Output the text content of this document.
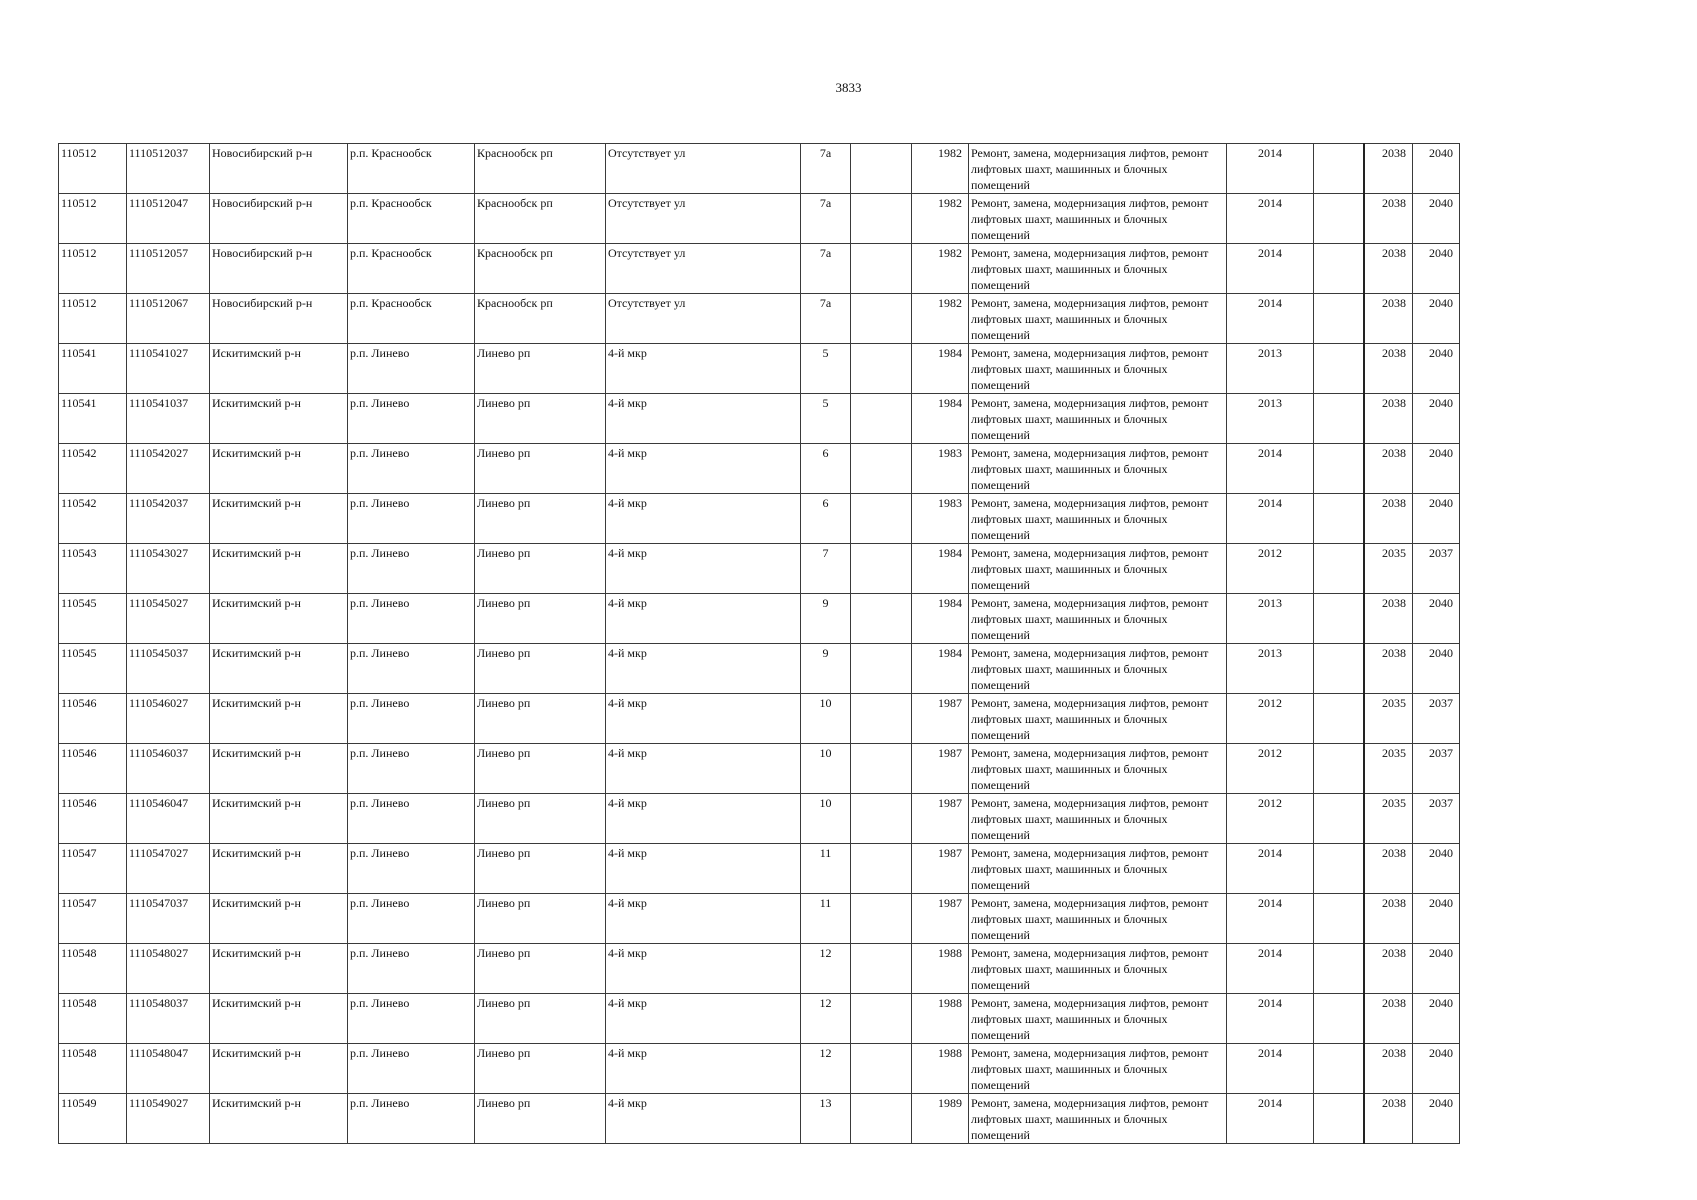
3833
110512	1110512037	Новосибирский р-н	р.п. Краснообск	Краснообск рп	Отсутствует ул	7а		1982	Ремонт, замена, модернизация лифтов, ремонт лифтовых шахт, машинных и блочных помещений	2014		2038	2040
110512	1110512047	Новосибирский р-н	р.п. Краснообск	Краснообск рп	Отсутствует ул	7а		1982	Ремонт, замена, модернизация лифтов, ремонт лифтовых шахт, машинных и блочных помещений	2014		2038	2040
110512	1110512057	Новосибирский р-н	р.п. Краснообск	Краснообск рп	Отсутствует ул	7а		1982	Ремонт, замена, модернизация лифтов, ремонт лифтовых шахт, машинных и блочных помещений	2014		2038	2040
110512	1110512067	Новосибирский р-н	р.п. Краснообск	Краснообск рп	Отсутствует ул	7а		1982	Ремонт, замена, модернизация лифтов, ремонт лифтовых шахт, машинных и блочных помещений	2014		2038	2040
110541	1110541027	Искитимский р-н	р.п. Линево	Линево рп	4-й мкр	5		1984	Ремонт, замена, модернизация лифтов, ремонт лифтовых шахт, машинных и блочных помещений	2013		2038	2040
110541	1110541037	Искитимский р-н	р.п. Линево	Линево рп	4-й мкр	5		1984	Ремонт, замена, модернизация лифтов, ремонт лифтовых шахт, машинных и блочных помещений	2013		2038	2040
110542	1110542027	Искитимский р-н	р.п. Линево	Линево рп	4-й мкр	6		1983	Ремонт, замена, модернизация лифтов, ремонт лифтовых шахт, машинных и блочных помещений	2014		2038	2040
110542	1110542037	Искитимский р-н	р.п. Линево	Линево рп	4-й мкр	6		1983	Ремонт, замена, модернизация лифтов, ремонт лифтовых шахт, машинных и блочных помещений	2014		2038	2040
110543	1110543027	Искитимский р-н	р.п. Линево	Линево рп	4-й мкр	7		1984	Ремонт, замена, модернизация лифтов, ремонт лифтовых шахт, машинных и блочных помещений	2012		2035	2037
110545	1110545027	Искитимский р-н	р.п. Линево	Линево рп	4-й мкр	9		1984	Ремонт, замена, модернизация лифтов, ремонт лифтовых шахт, машинных и блочных помещений	2013		2038	2040
110545	1110545037	Искитимский р-н	р.п. Линево	Линево рп	4-й мкр	9		1984	Ремонт, замена, модернизация лифтов, ремонт лифтовых шахт, машинных и блочных помещений	2013		2038	2040
110546	1110546027	Искитимский р-н	р.п. Линево	Линево рп	4-й мкр	10		1987	Ремонт, замена, модернизация лифтов, ремонт лифтовых шахт, машинных и блочных помещений	2012		2035	2037
110546	1110546037	Искитимский р-н	р.п. Линево	Линево рп	4-й мкр	10		1987	Ремонт, замена, модернизация лифтов, ремонт лифтовых шахт, машинных и блочных помещений	2012		2035	2037
110546	1110546047	Искитимский р-н	р.п. Линево	Линево рп	4-й мкр	10		1987	Ремонт, замена, модернизация лифтов, ремонт лифтовых шахт, машинных и блочных помещений	2012		2035	2037
110547	1110547027	Искитимский р-н	р.п. Линево	Линево рп	4-й мкр	11		1987	Ремонт, замена, модернизация лифтов, ремонт лифтовых шахт, машинных и блочных помещений	2014		2038	2040
110547	1110547037	Искитимский р-н	р.п. Линево	Линево рп	4-й мкр	11		1987	Ремонт, замена, модернизация лифтов, ремонт лифтовых шахт, машинных и блочных помещений	2014		2038	2040
110548	1110548027	Искитимский р-н	р.п. Линево	Линево рп	4-й мкр	12		1988	Ремонт, замена, модернизация лифтов, ремонт лифтовых шахт, машинных и блочных помещений	2014		2038	2040
110548	1110548037	Искитимский р-н	р.п. Линево	Линево рп	4-й мкр	12		1988	Ремонт, замена, модернизация лифтов, ремонт лифтовых шахт, машинных и блочных помещений	2014		2038	2040
110548	1110548047	Искитимский р-н	р.п. Линево	Линево рп	4-й мкр	12		1988	Ремонт, замена, модернизация лифтов, ремонт лифтовых шахт, машинных и блочных помещений	2014		2038	2040
110549	1110549027	Искитимский р-н	р.п. Линево	Линево рп	4-й мкр	13		1989	Ремонт, замена, модернизация лифтов, ремонт лифтовых шахт, машинных и блочных помещений	2014		2038	2040
